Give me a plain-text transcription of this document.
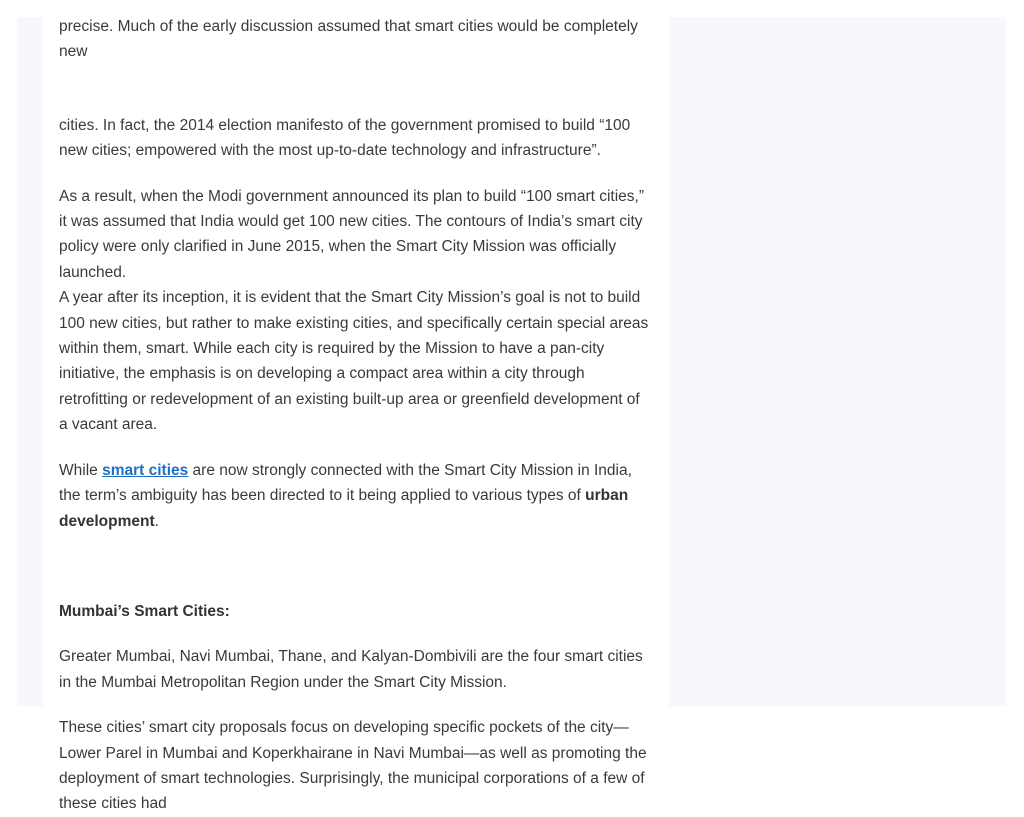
precise. Much of the early discussion assumed that smart cities would be completely new

cities. In fact, the 2014 election manifesto of the government promised to build “100 new cities; empowered with the most up-to-date technology and infrastructure”.

As a result, when the Modi government announced its plan to build “100 smart cities,” it was assumed that India would get 100 new cities. The contours of India’s smart city policy were only clarified in June 2015, when the Smart City Mission was officially launched.

A year after its inception, it is evident that the Smart City Mission’s goal is not to build 100 new cities, but rather to make existing cities, and specifically certain special areas within them, smart. While each city is required by the Mission to have a pan-city initiative, the emphasis is on developing a compact area within a city through retrofitting or redevelopment of an existing built-up area or greenfield development of a vacant area.

While smart cities are now strongly connected with the Smart City Mission in India, the term’s ambiguity has been directed to it being applied to various types of urban development.

Mumbai’s Smart Cities:

Greater Mumbai, Navi Mumbai, Thane, and Kalyan-Dombivili are the four smart cities in the Mumbai Metropolitan Region under the Smart City Mission.

These cities’ smart city proposals focus on developing specific pockets of the city—Lower Parel in Mumbai and Koperkhairane in Navi Mumbai—as well as promoting the deployment of smart technologies. Surprisingly, the municipal corporations of a few of these cities had
